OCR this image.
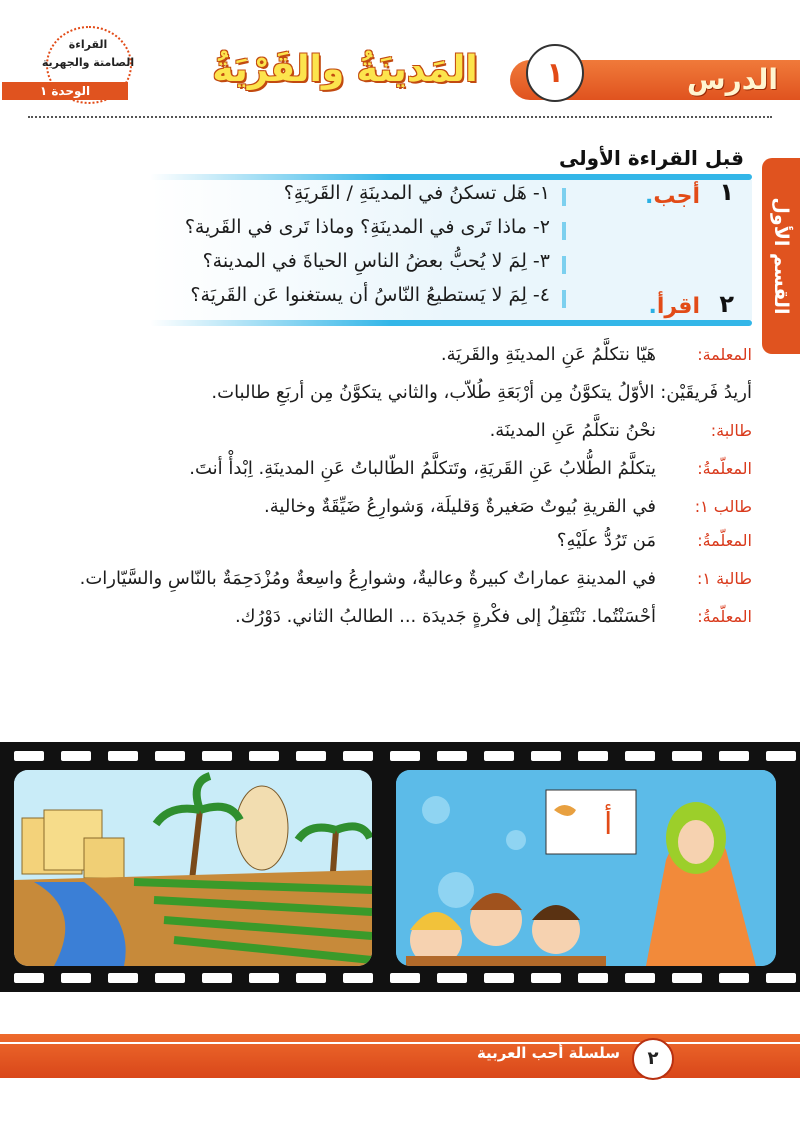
الدرس
١
المَدينَةُ والقَرْيَةُ
القراءة
الصامتة والجهرية
الوحدة ١
القسم الأول
قبل القراءة الأولى
١
أجب.
٢
اقرأ.
١- هَل تسكنُ في المدينَةِ / القَريَةِ؟
٢- ماذا تَرى في المدينَةِ؟ وماذا تَرى في القَرية؟
٣- لِمَ لا يُحبُّ بعضُ الناسِ الحياةَ في المدينة؟
٤- لِمَ لا يَستطيعُ النّاسُ أن يستغنوا عَن القَريَة؟
المعلمة :
هَيّا نتكلَّمُ عَنِ المدينَةِ والقَريَة.
أريدُ فَريقَيْن: الأوّلُ يتكوَّنُ مِن أرْبَعَةِ طُلاّب، والثاني يتكوَّنُ مِن أربَعِ طالبات.
طالبة :
نحْنُ نتكلَّمُ عَنِ المدينَة.
المعلّمةُ :
يتكلَّمُ الطُّلابُ عَنِ القَريَةِ، وتَتكلَّمُ الطّالباتُ عَنِ المدينَةِ. اِبْدأْ أنتَ.
طالب ١ :
في القريةِ بُيوتٌ صَغيرةٌ وَقليلَة، وَشوارِعُ ضَيِّقَةٌ وخالية.
المعلّمةُ :
مَن تَرُدُّ علَيْهِ؟
طالبة ١ :
في المدينةِ عماراتٌ كبيرةٌ وعاليةٌ، وشوارِعُ واسِعةٌ ومُزْدَحِمَةٌ بالنّاسِ والسَّيّارات.
المعلّمةُ :
أحْسَنْتُما. نَنْتَقِلُ إلى فكْرةٍ جَديدَة ... الطالبُ الثاني. دَوْرُك.
أ
سلسلة أحب العربية	٢
